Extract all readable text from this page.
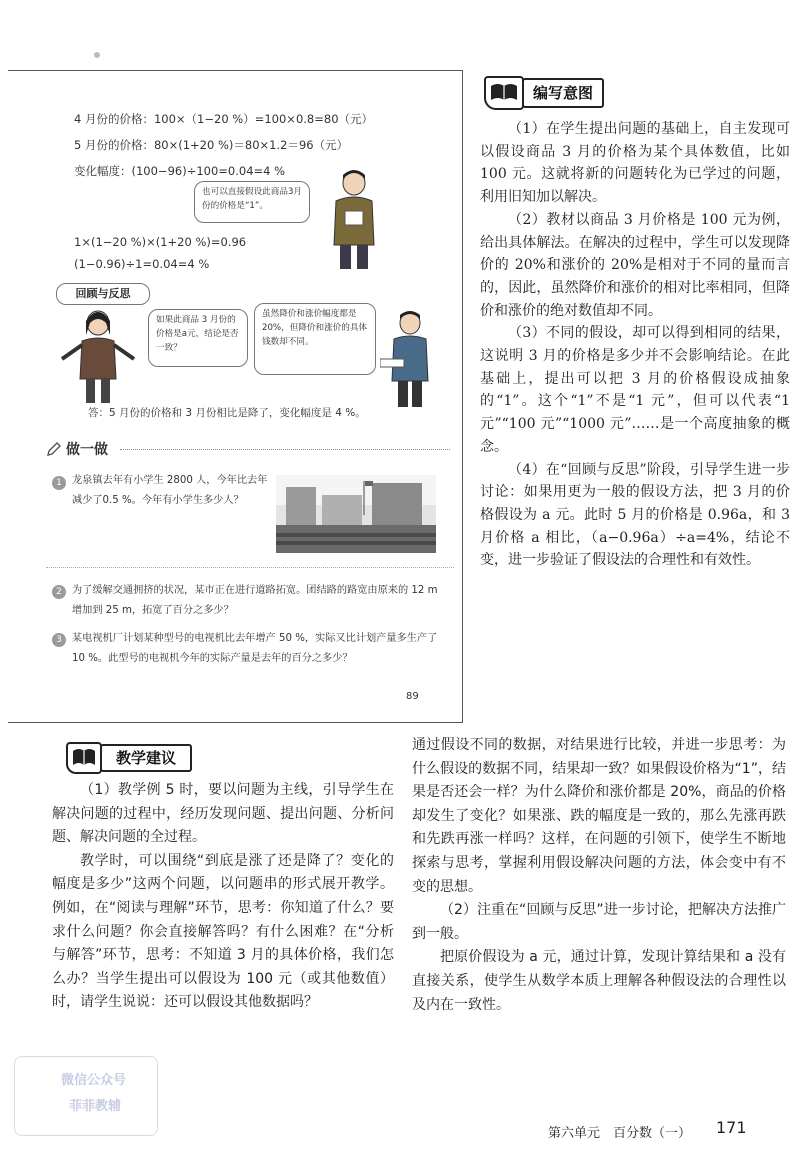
4 月份的价格：100×（1−20 %）=100×0.8=80（元）
5 月份的价格：80×(1+20 %)＝80×1.2＝96（元）
变化幅度：(100−96)÷100=0.04=4 %
也可以直接假设此商品3月份的价格是“1”。
1×(1−20 %)×(1+20 %)=0.96
(1−0.96)÷1=0.04=4 %
回顾与反思
如果此商品 3 月份的价格是a元，结论是否一致？
虽然降价和涨价幅度都是 20%，但降价和涨价的具体钱数却不同。
答：5 月份的价格和 3 月份相比是降了，变化幅度是 4 %。
做一做
1 龙泉镇去年有小学生 2800 人，今年比去年减少了0.5 %。今年有小学生多少人？
2 为了缓解交通拥挤的状况，某市正在进行道路拓宽。团结路的路宽由原来的 12 m 增加到 25 m，拓宽了百分之多少？
3 某电视机厂计划某种型号的电视机比去年增产 50 %，实际又比计划产量多生产了 10 %。此型号的电视机今年的实际产量是去年的百分之多少？
89
编写意图

（1）在学生提出问题的基础上，自主发现可以假设商品 3 月的价格为某个具体数值，比如 100 元。这就将新的问题转化为已学过的问题，利用旧知加以解决。

（2）教材以商品 3 月价格是 100 元为例，给出具体解法。在解决的过程中，学生可以发现降价的 20%和涨价的 20%是相对于不同的量而言的，因此，虽然降价和涨价的相对比率相同，但降价和涨价的绝对数值却不同。

（3）不同的假设，却可以得到相同的结果，这说明 3 月的价格是多少并不会影响结论。在此基础上，提出可以把 3 月的价格假设成抽象的“1”。这个“1”不是“1 元”，但可以代表“1 元”“100 元”“1000 元”……是一个高度抽象的概念。

（4）在“回顾与反思”阶段，引导学生进一步讨论：如果用更为一般的假设方法，把 3 月的价格假设为 a 元。此时 5 月的价格是 0.96a，和 3 月价格 a 相比，（a−0.96a）÷a=4%，结论不变，进一步验证了假设法的合理性和有效性。

教学建议

（1）教学例 5 时，要以问题为主线，引导学生在解决问题的过程中，经历发现问题、提出问题、分析问题、解决问题的全过程。

教学时，可以围绕“到底是涨了还是降了？变化的幅度是多少”这两个问题，以问题串的形式展开教学。例如，在“阅读与理解”环节，思考：你知道了什么？要求什么问题？你会直接解答吗？有什么困难？在“分析与解答”环节，思考：不知道 3 月的具体价格，我们怎么办？当学生提出可以假设为 100 元（或其他数值）时，请学生说说：还可以假设其他数据吗？

通过假设不同的数据，对结果进行比较，并进一步思考：为什么假设的数据不同，结果却一致？如果假设价格为“1”，结果是否还会一样？为什么降价和涨价都是 20%，商品的价格却发生了变化？如果涨、跌的幅度是一致的，那么先涨再跌和先跌再涨一样吗？这样，在问题的引领下，使学生不断地探索与思考，掌握利用假设解决问题的方法，体会变中有不变的思想。

（2）注重在“回顾与反思”进一步讨论，把解决方法推广到一般。

把原价假设为 a 元，通过计算，发现计算结果和 a 没有直接关系，使学生从数学本质上理解各种假设法的合理性以及内在一致性。

微信公众号
菲菲教辅
第六单元　百分数（一） 171
